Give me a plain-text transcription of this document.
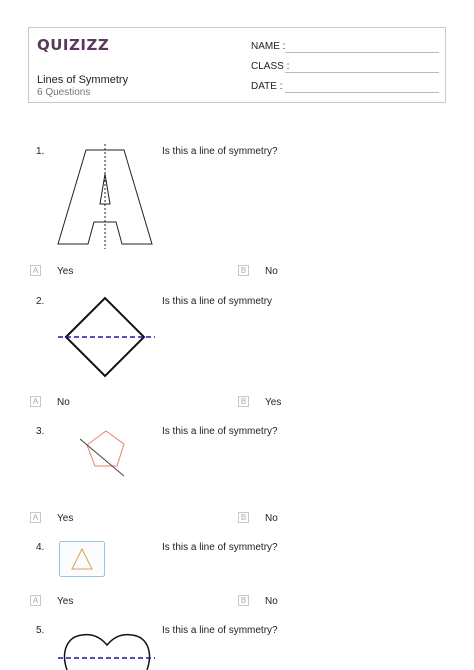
QUIZIZZ
Lines of Symmetry
6 Questions
NAME :
CLASS :
DATE :
1.	Is this a line of symmetry?
A Yes	B No
2.	Is this a line of symmetry
A No	B Yes
3.	Is this a line of symmetry?
A Yes	B No
4.	Is this a line of symmetry?
A Yes	B No
5.	Is this a line of symmetry?
